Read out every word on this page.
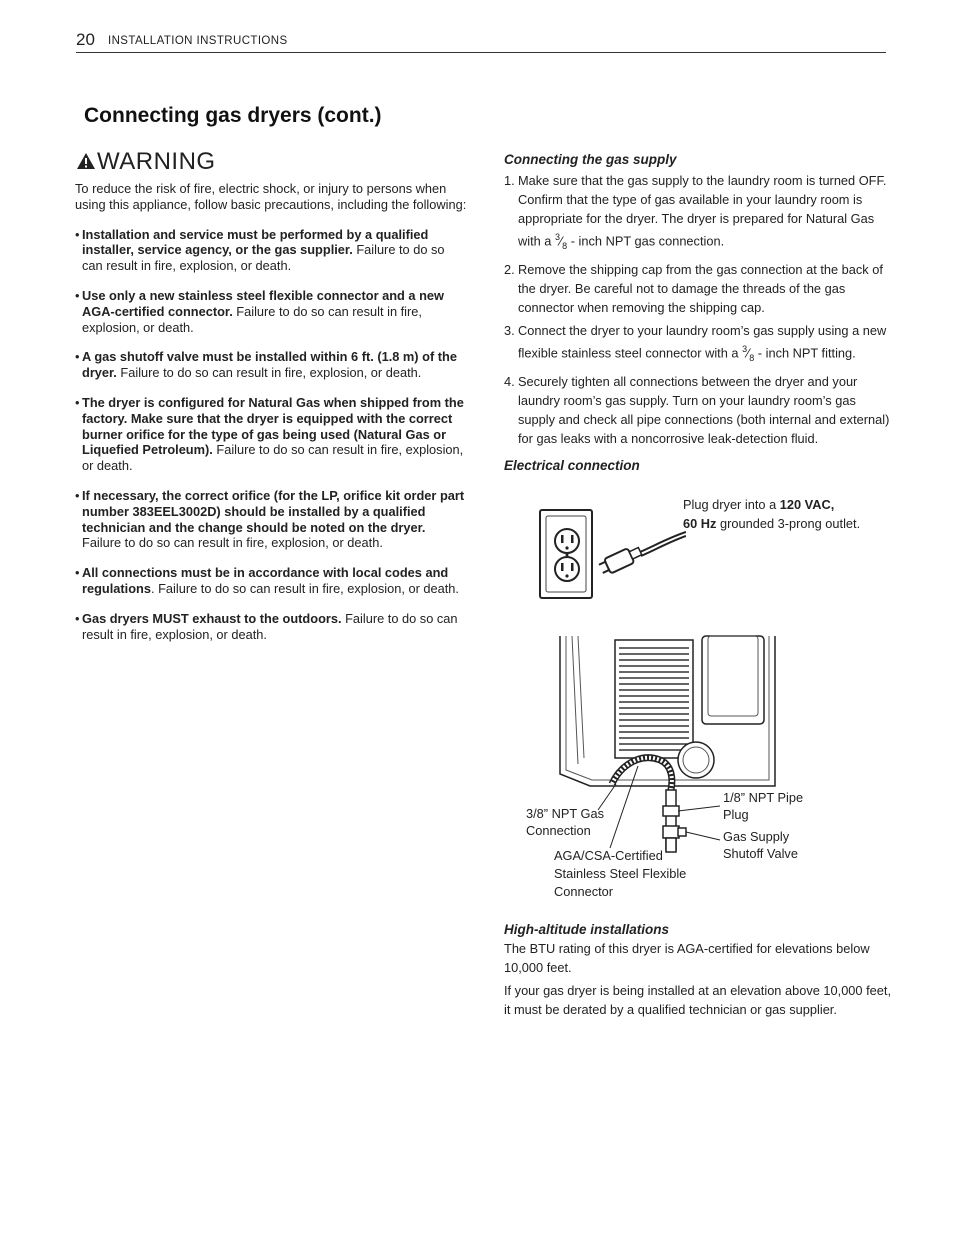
20 INSTALLATION INSTRUCTIONS
Connecting gas dryers (cont.)
WARNING

To reduce the risk of fire, electric shock, or injury to persons when using this appliance, follow basic precautions, including the following:

• Installation and service must be performed by a qualified installer, service agency, or the gas supplier. Failure to do so can result in fire, explosion, or death.
• Use only a new stainless steel flexible connector and a new AGA-certified connector. Failure to do so can result in fire, explosion, or death.
• A gas shutoff valve must be installed within 6 ft. (1.8 m) of the dryer. Failure to do so can result in fire, explosion, or death.
• The dryer is configured for Natural Gas when shipped from the factory. Make sure that the dryer is equipped with the correct burner orifice for the type of gas being used (Natural Gas or Liquefied Petroleum). Failure to do so can result in fire, explosion, or death.
• If necessary, the correct orifice (for the LP, orifice kit order part number 383EEL3002D) should be installed by a qualified technician and the change should be noted on the dryer. Failure to do so can result in fire, explosion, or death.
• All connections must be in accordance with local codes and regulations. Failure to do so can result in fire, explosion, or death.
• Gas dryers MUST exhaust to the outdoors. Failure to do so can result in fire, explosion, or death.

Connecting the gas supply

1. Make sure that the gas supply to the laundry room is turned OFF. Confirm that the type of gas available in your laundry room is appropriate for the dryer. The dryer is prepared for Natural Gas with a $^3⁄_8$ - inch NPT gas connection.
2. Remove the shipping cap from the gas connection at the back of the dryer. Be careful not to damage the threads of the gas connector when removing the shipping cap.
3. Connect the dryer to your laundry room’s gas supply using a new flexible stainless steel connector with a $^3⁄_8$ - inch NPT fitting.
4. Securely tighten all connections between the dryer and your laundry room’s gas supply. Turn on your laundry room’s gas supply and check all pipe connections (both internal and external) for gas leaks with a noncorrosive leak-detection fluid.

Electrical connection

Plug dryer into a 120 VAC,
60 Hz grounded 3-prong outlet.
3/8” NPT Gas Connection
AGA/CSA-Certified Stainless Steel Flexible Connector
1/8” NPT Pipe Plug
Gas Supply Shutoff Valve

High-altitude installations

The BTU rating of this dryer is AGA-certified for elevations below 10,000 feet.

If your gas dryer is being installed at an elevation above 10,000 feet, it must be derated by a qualified technician or gas supplier.
